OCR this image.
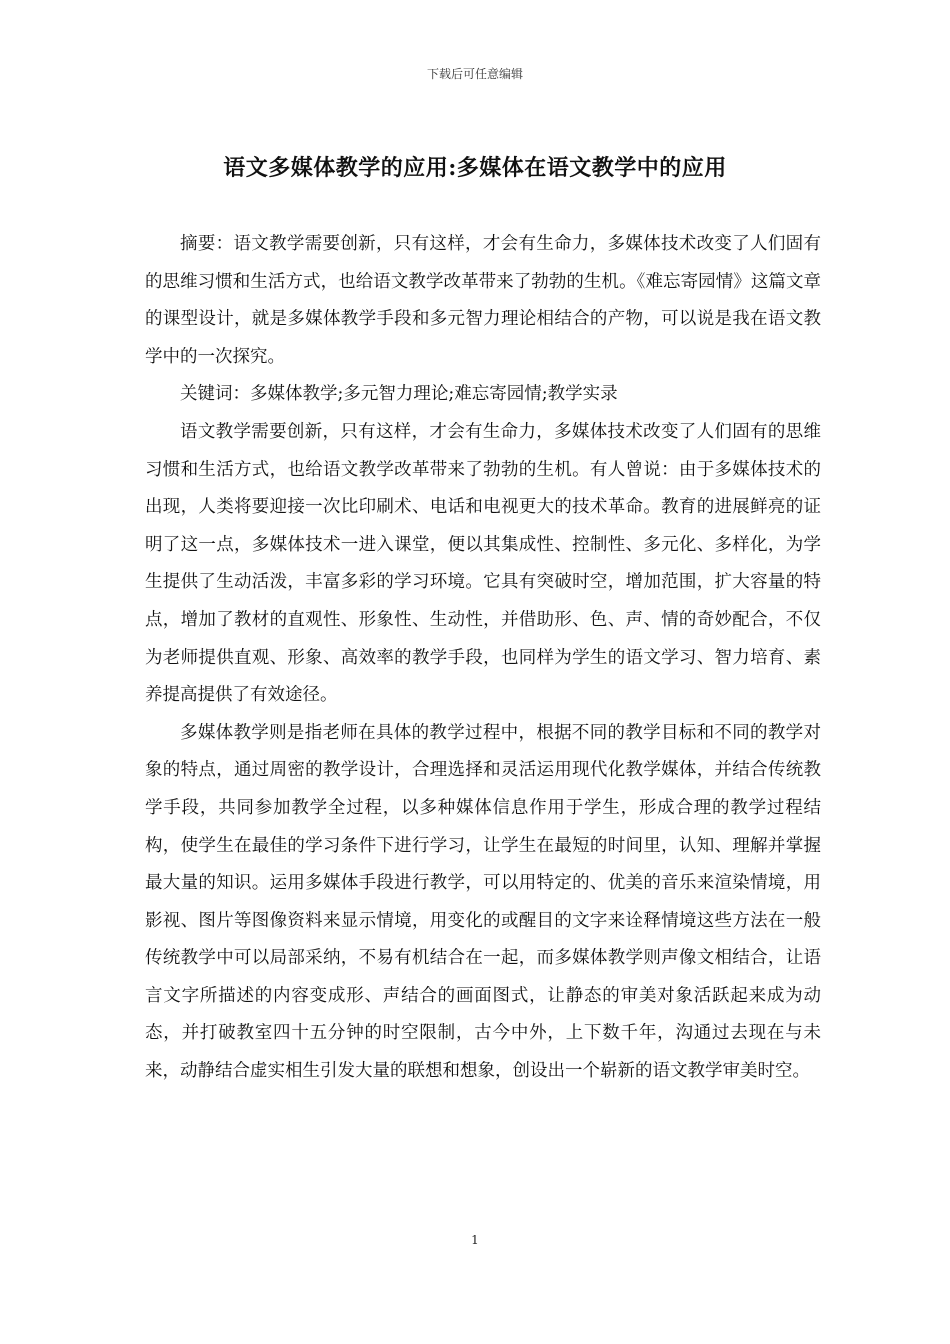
下载后可任意编辑
语文多媒体教学的应用:多媒体在语文教学中的应用

摘要：语文教学需要创新，只有这样，才会有生命力，多媒体技术改变了人们固有的思维习惯和生活方式，也给语文教学改革带来了勃勃的生机。《难忘寄园情》这篇文章的课型设计，就是多媒体教学手段和多元智力理论相结合的产物，可以说是我在语文教学中的一次探究。

关键词：多媒体教学;多元智力理论;难忘寄园情;教学实录

语文教学需要创新，只有这样，才会有生命力，多媒体技术改变了人们固有的思维习惯和生活方式，也给语文教学改革带来了勃勃的生机。有人曾说：由于多媒体技术的出现，人类将要迎接一次比印刷术、电话和电视更大的技术革命。教育的进展鲜亮的证明了这一点，多媒体技术一进入课堂，便以其集成性、控制性、多元化、多样化，为学生提供了生动活泼，丰富多彩的学习环境。它具有突破时空，增加范围，扩大容量的特点，增加了教材的直观性、形象性、生动性，并借助形、色、声、情的奇妙配合，不仅为老师提供直观、形象、高效率的教学手段，也同样为学生的语文学习、智力培育、素养提高提供了有效途径。

多媒体教学则是指老师在具体的教学过程中，根据不同的教学目标和不同的教学对象的特点，通过周密的教学设计，合理选择和灵活运用现代化教学媒体，并结合传统教学手段，共同参加教学全过程，以多种媒体信息作用于学生，形成合理的教学过程结构，使学生在最佳的学习条件下进行学习，让学生在最短的时间里，认知、理解并掌握最大量的知识。运用多媒体手段进行教学，可以用特定的、优美的音乐来渲染情境，用影视、图片等图像资料来显示情境，用变化的或醒目的文字来诠释情境这些方法在一般传统教学中可以局部采纳，不易有机结合在一起，而多媒体教学则声像文相结合，让语言文字所描述的内容变成形、声结合的画面图式，让静态的审美对象活跃起来成为动态，并打破教室四十五分钟的时空限制，古今中外，上下数千年，沟通过去现在与未来，动静结合虚实相生引发大量的联想和想象，创设出一个崭新的语文教学审美时空。

1
